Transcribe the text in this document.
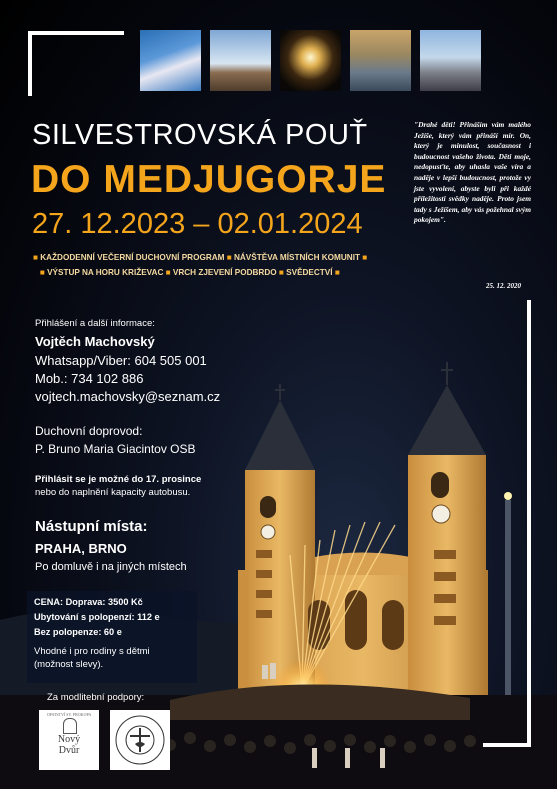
SILVESTROVSKÁ POUŤ
DO MEDJUGORJE
27. 12.2023 – 02.01.2024
■ KAŽDODENNÍ VEČERNÍ DUCHOVNÍ PROGRAM ■ NÁVŠTĚVA MÍSTNÍCH KOMUNIT ■
■ VÝSTUP NA HORU KRIŽEVAC ■ VRCH ZJEVENÍ PODBRDO ■ SVĚDECTVÍ ■
"Drahé děti! Přináším vám malého Ježíše, který vám přináší mír. On, který je minulost, současnost i budoucnost vašeho života. Děti moje, nedopusťte, aby uhasla vaše víra a naděje v lepší budoucnost, protože vy jste vyvolení, abyste byli při každé příležitosti svědky naděje. Proto jsem tady s Ježíšem, aby vás požehnal svým pokojem".
25. 12. 2020
Přihlášení a další informace:
Vojtěch Machovský
Whatsapp/Viber: 604 505 001
Mob.: 734 102 886
vojtech.machovsky@seznam.cz
Duchovní doprovod:
P. Bruno Maria Giacintov OSB
Přihlásit se je možné do 17. prosince
nebo do naplnění kapacity autobusu.
Nástupní místa:
PRAHA, BRNO
Po domluvě i na jiných místech
CENA: Doprava: 3500 Kč
Ubytování s polopenzí: 112 e
Bez polopenze: 60 e
Vhodné i pro rodiny s dětmi (možnost slevy).
Za modlitební podpory:
OPATSTVÍ SV. PROKOPA
Nový
Dvůr
